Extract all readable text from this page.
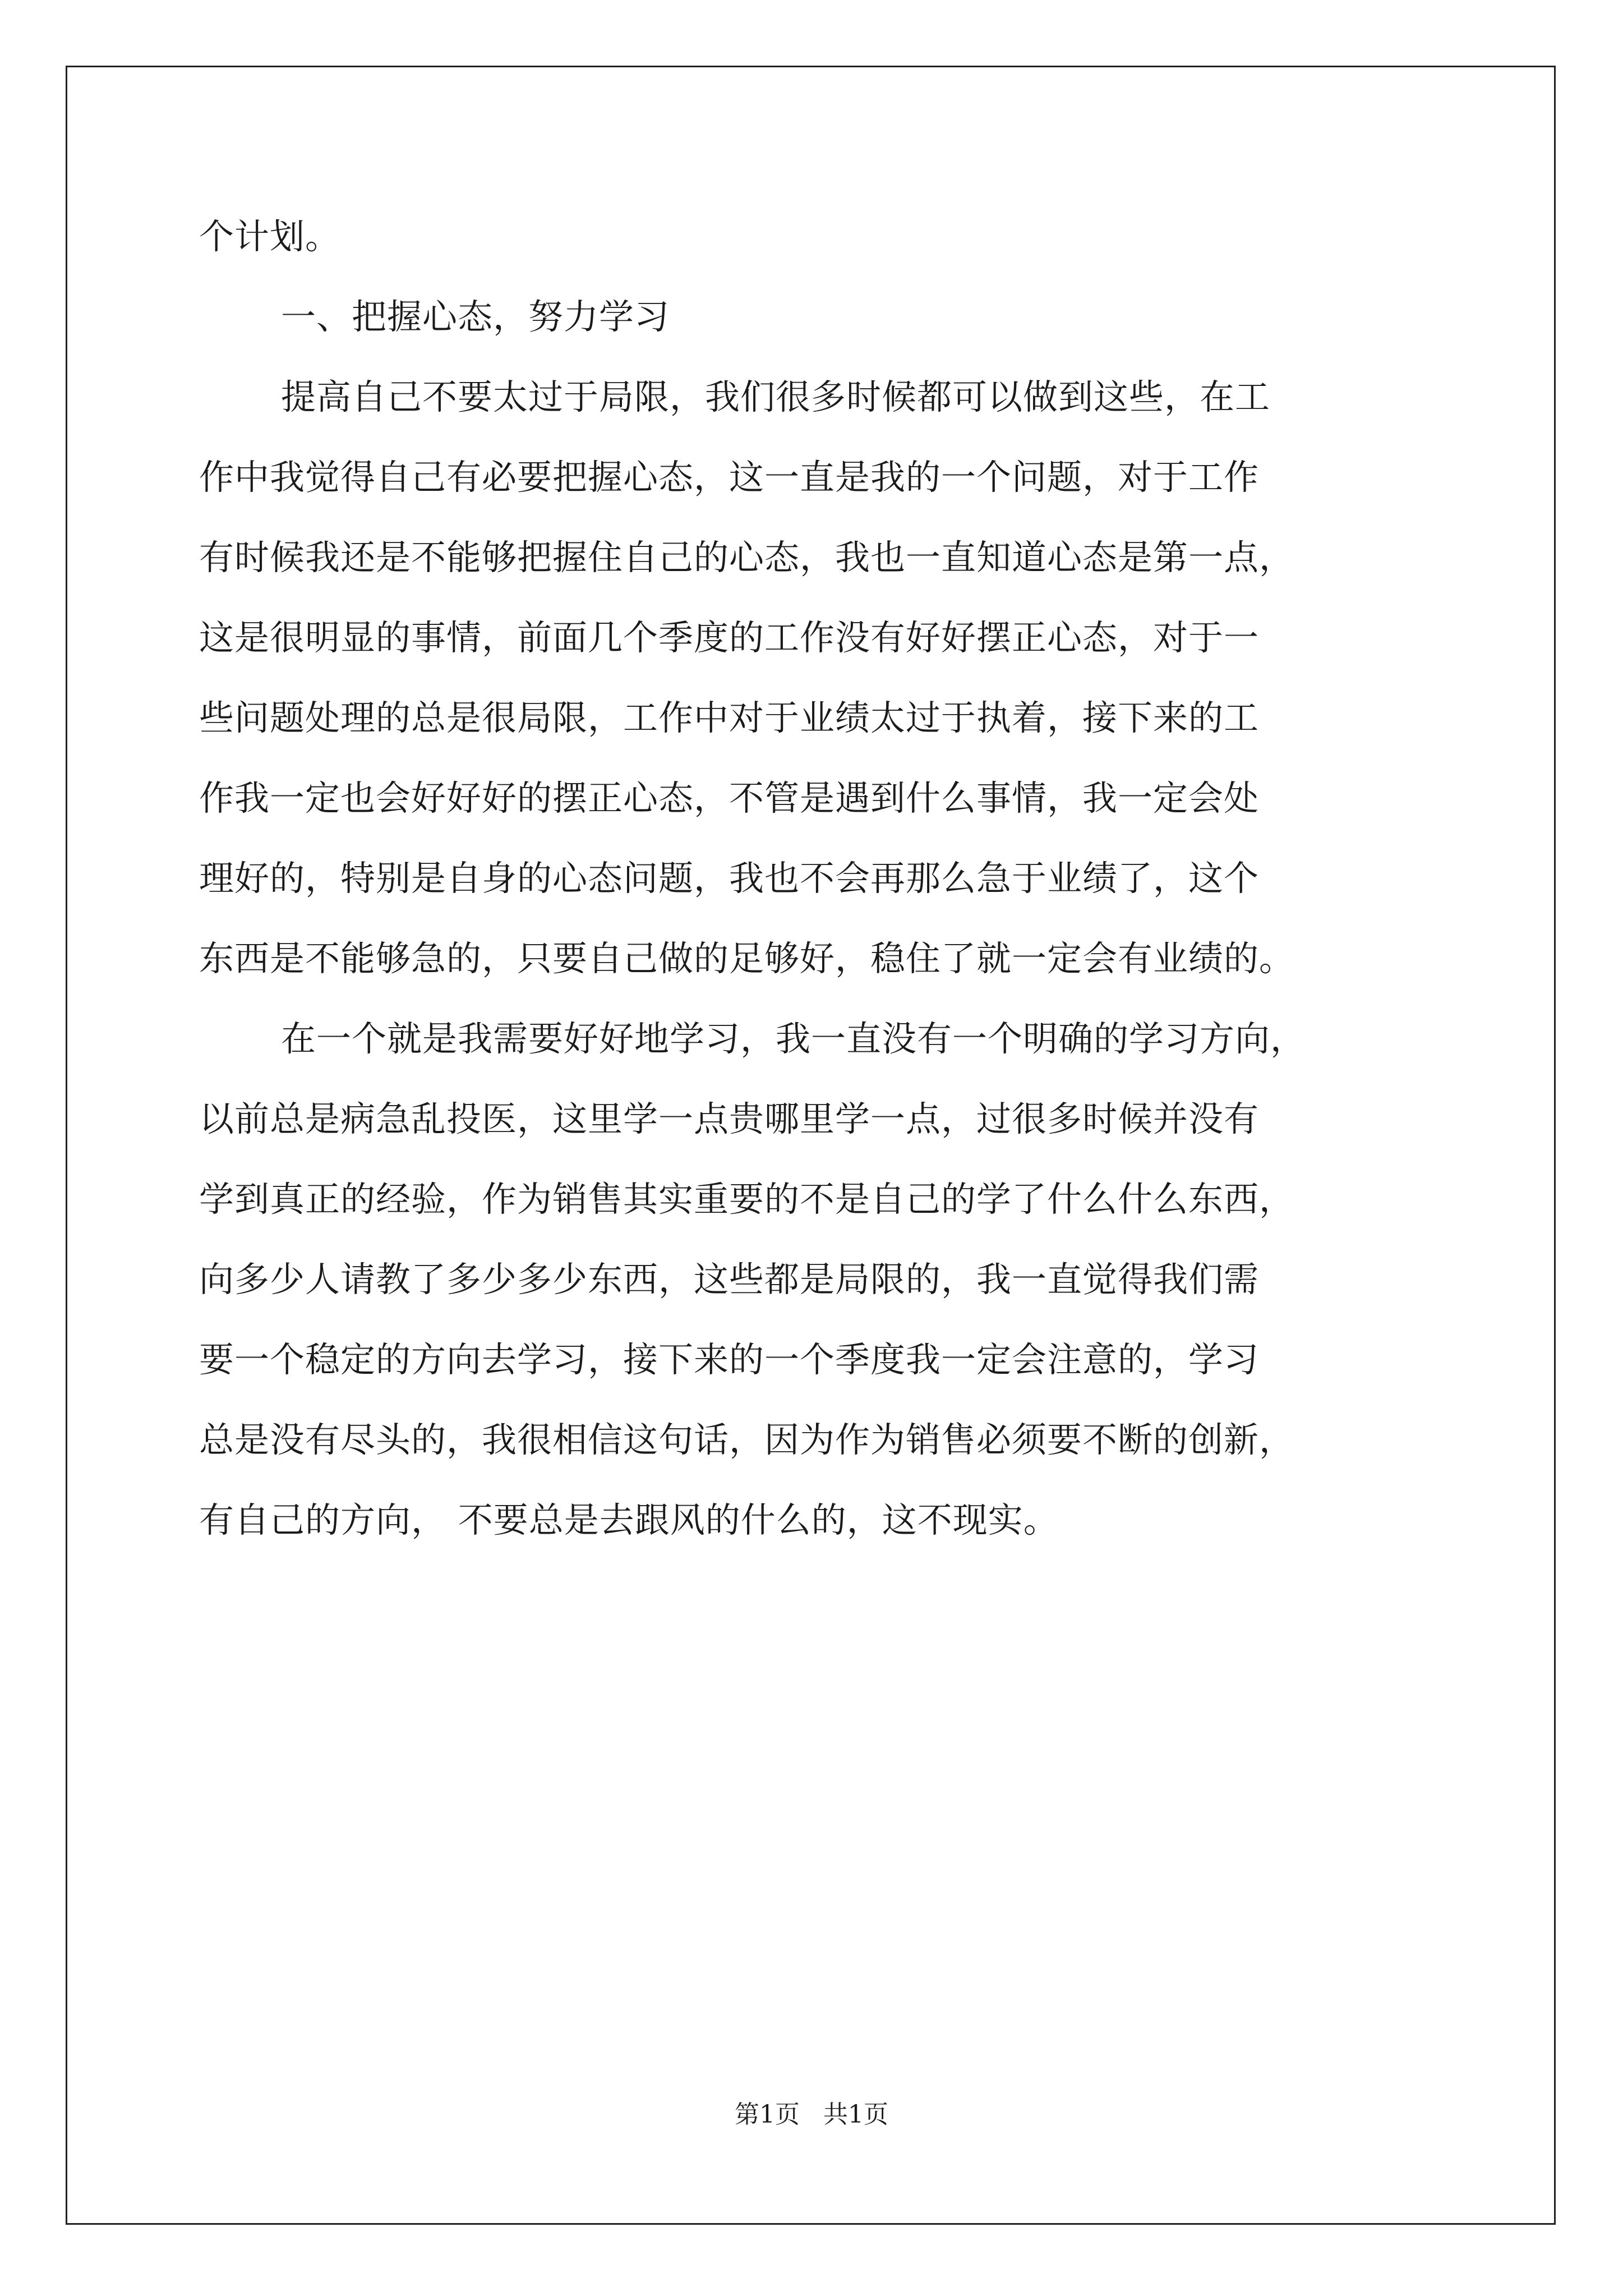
个计划。
一、把握心态，努力学习
提高自己不要太过于局限，我们很多时候都可以做到这些，在工
作中我觉得自己有必要把握心态，这一直是我的一个问题，对于工作
有时候我还是不能够把握住自己的心态，我也一直知道心态是第一点，
这是很明显的事情，前面几个季度的工作没有好好摆正心态，对于一
些问题处理的总是很局限，工作中对于业绩太过于执着，接下来的工
作我一定也会好好好的摆正心态，不管是遇到什么事情，我一定会处
理好的，特别是自身的心态问题，我也不会再那么急于业绩了，这个
东西是不能够急的，只要自己做的足够好，稳住了就一定会有业绩的。
在一个就是我需要好好地学习，我一直没有一个明确的学习方向，
以前总是病急乱投医，这里学一点贵哪里学一点，过很多时候并没有
学到真正的经验，作为销售其实重要的不是自己的学了什么什么东西，
向多少人请教了多少多少东西，这些都是局限的，我一直觉得我们需
要一个稳定的方向去学习，接下来的一个季度我一定会注意的，学习
总是没有尽头的，我很相信这句话，因为作为销售必须要不断的创新，
有自己的方向， 不要总是去跟风的什么的，这不现实。
第1页   共1页
